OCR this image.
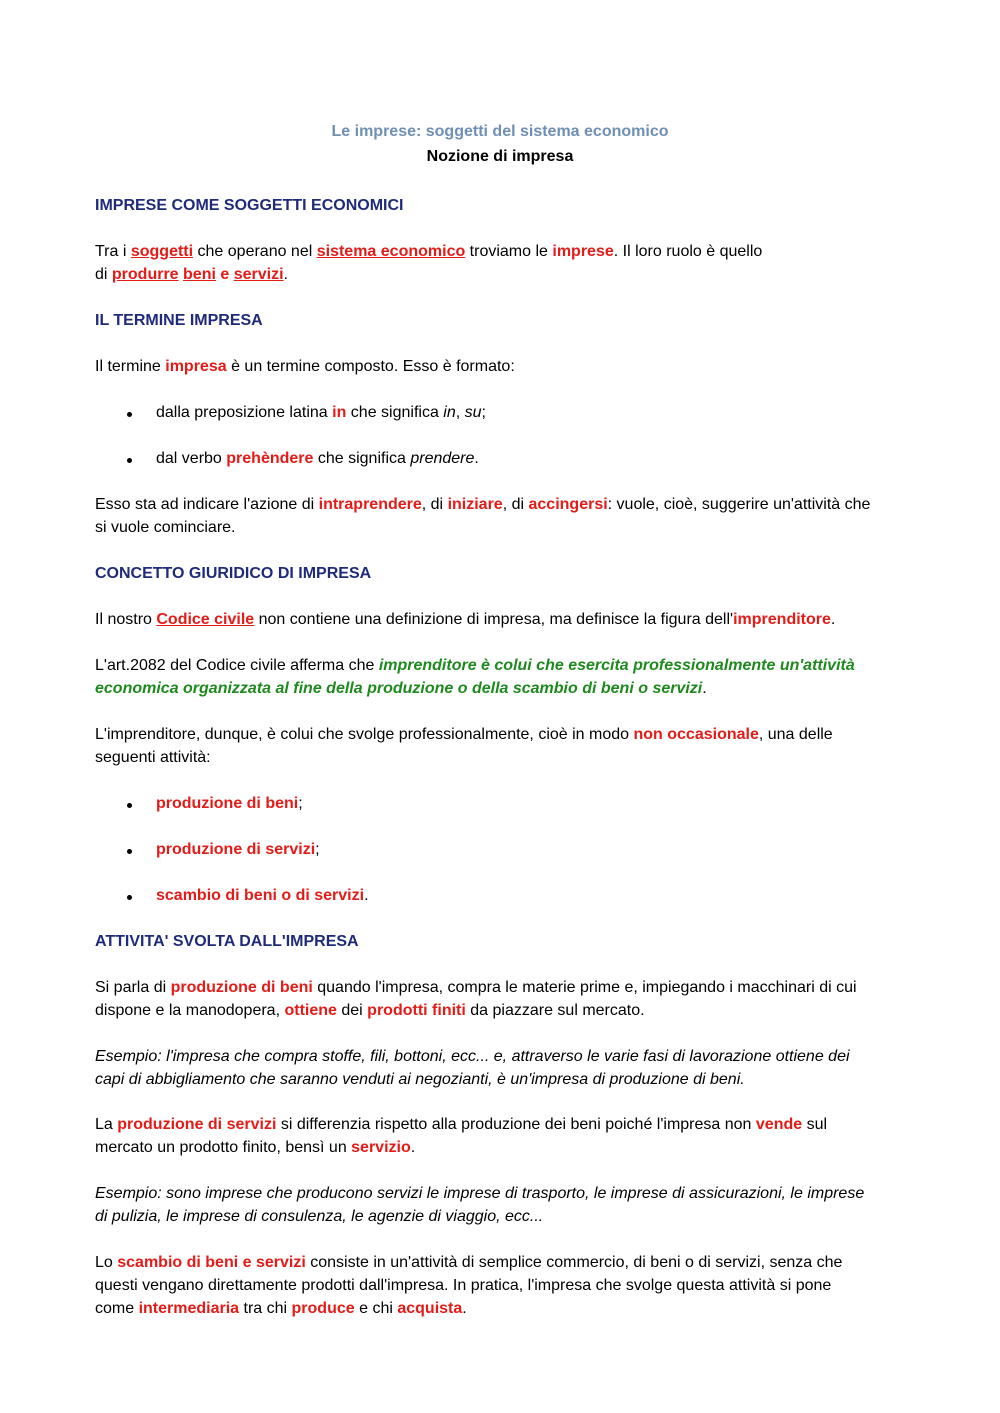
Le imprese: soggetti del sistema economico

Nozione di impresa

IMPRESE COME SOGGETTI ECONOMICI

Tra i soggetti che operano nel sistema economico troviamo le imprese. Il loro ruolo è quello
di produrre beni e servizi.

IL TERMINE IMPRESA

Il termine impresa è un termine composto. Esso è formato:

dalla preposizione latina in che significa in, su;

dal verbo prehèndere che significa prendere.

Esso sta ad indicare l'azione di intraprendere, di iniziare, di accingersi: vuole, cioè, suggerire un'attività che
si vuole cominciare.

CONCETTO GIURIDICO DI IMPRESA

Il nostro Codice civile non contiene una definizione di impresa, ma definisce la figura dell'imprenditore.

L'art.2082 del Codice civile afferma che imprenditore è colui che esercita professionalmente un'attività
economica organizzata al fine della produzione o della scambio di beni o servizi.

L'imprenditore, dunque, è colui che svolge professionalmente, cioè in modo non occasionale, una delle
seguenti attività:

produzione di beni;

produzione di servizi;

scambio di beni o di servizi.

ATTIVITA' SVOLTA DALL'IMPRESA

Si parla di produzione di beni quando l'impresa, compra le materie prime e, impiegando i macchinari di cui
dispone e la manodopera, ottiene dei prodotti finiti da piazzare sul mercato.

Esempio: l'impresa che compra stoffe, fili, bottoni, ecc... e, attraverso le varie fasi di lavorazione ottiene dei
capi di abbigliamento che saranno venduti ai negozianti, è un'impresa di produzione di beni.

La produzione di servizi si differenzia rispetto alla produzione dei beni poiché l'impresa non vende sul
mercato un prodotto finito, bensì un servizio.

Esempio: sono imprese che producono servizi le imprese di trasporto, le imprese di assicurazioni, le imprese
di pulizia, le imprese di consulenza, le agenzie di viaggio, ecc...

Lo scambio di beni e servizi consiste in un'attività di semplice commercio, di beni o di servizi, senza che
questi vengano direttamente prodotti dall'impresa. In pratica, l'impresa che svolge questa attività si pone
come intermediaria tra chi produce e chi acquista.
